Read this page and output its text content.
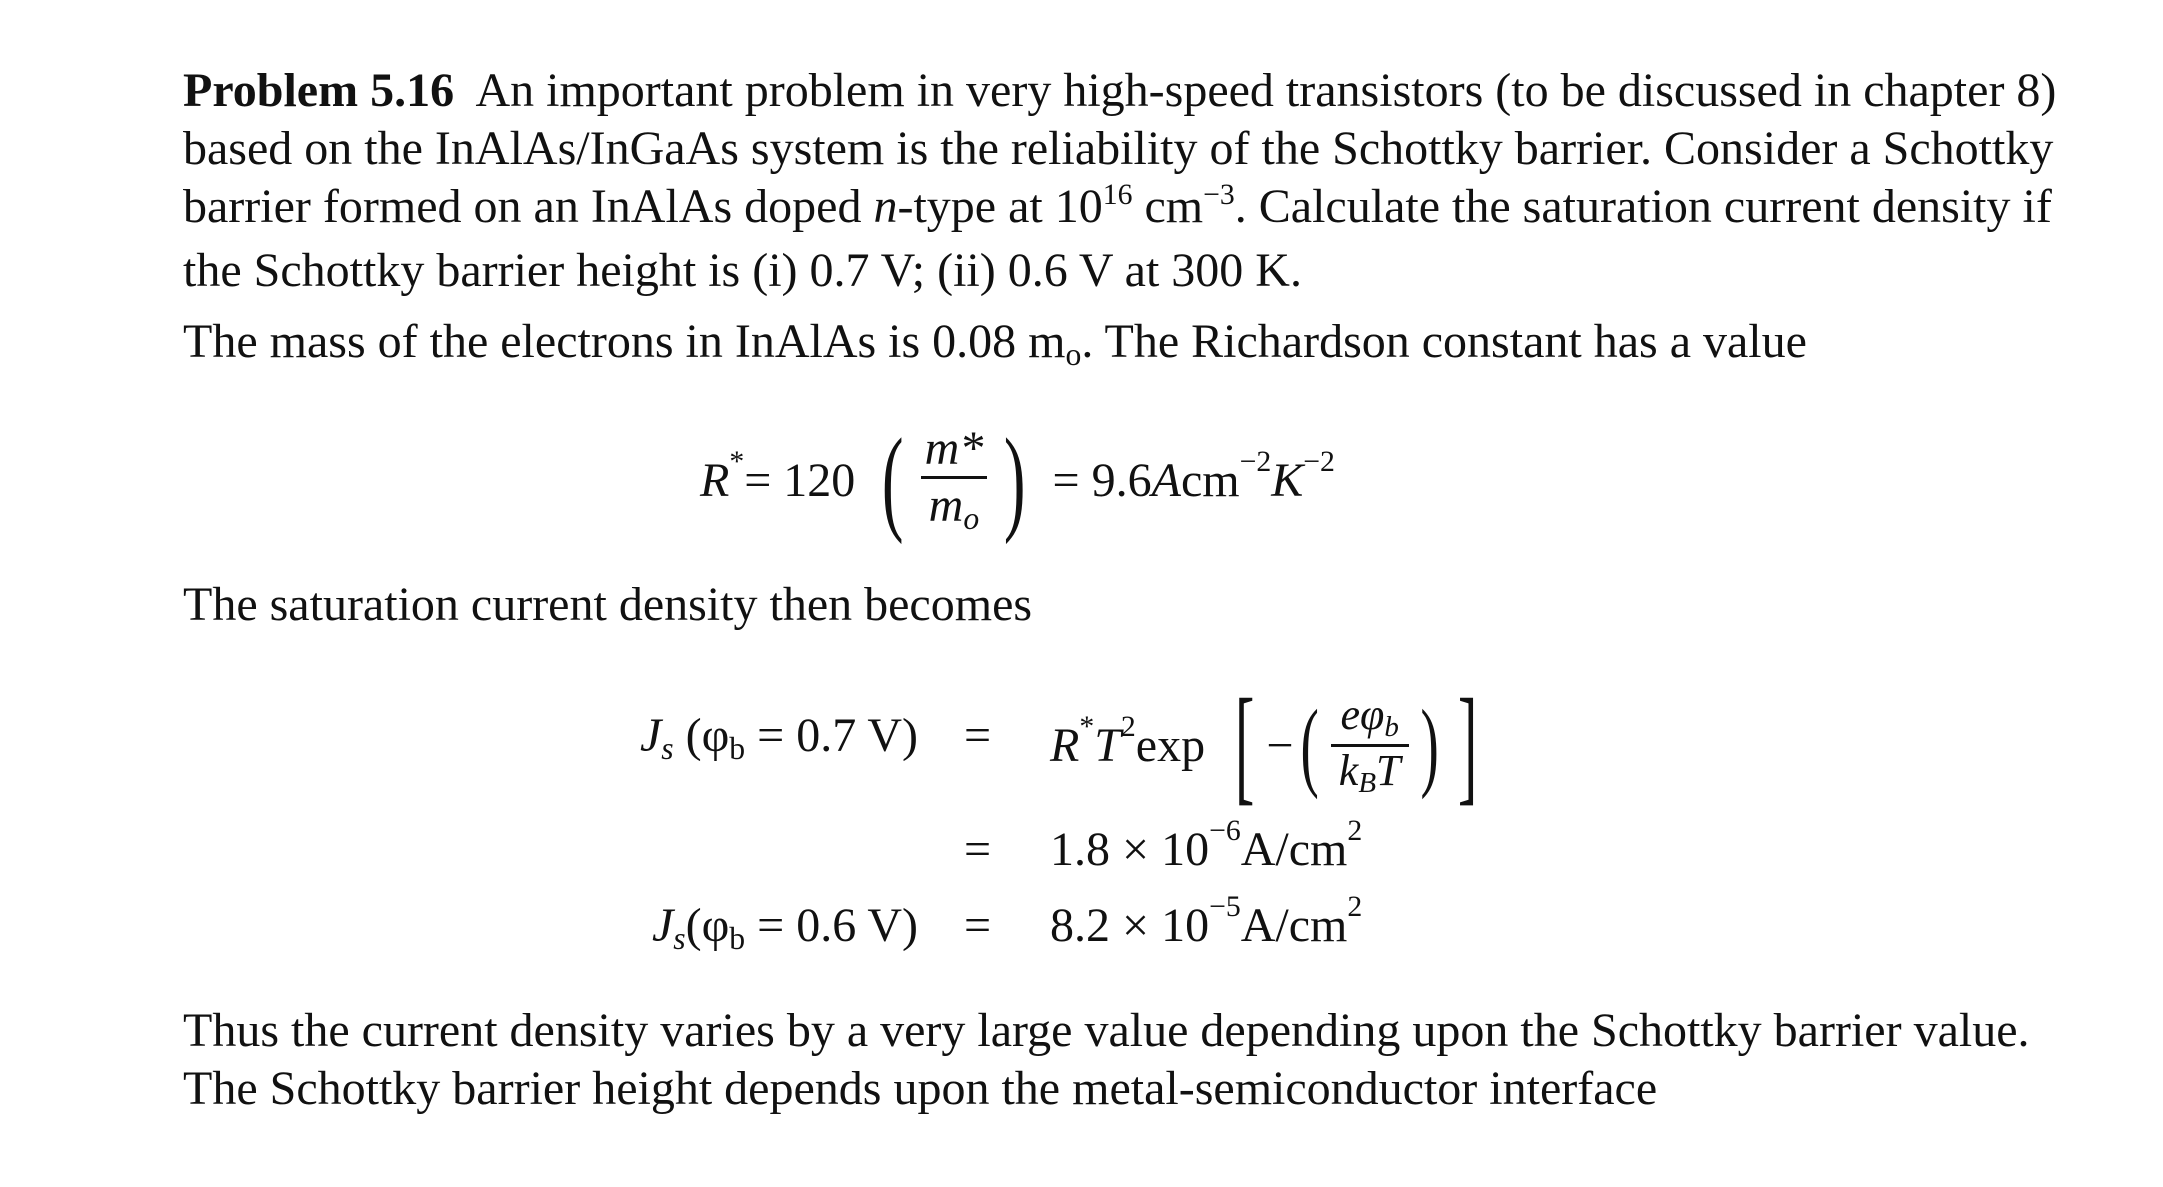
Problem 5.16 An important problem in very high-speed transistors (to be discussed in chapter 8) based on the InAlAs/InGaAs system is the reliability of the Schottky barrier. Consider a Schottky barrier formed on an InAlAs doped n-type at $10^{16}$ $cm^{-3}$. Calculate the saturation current density if the Schottky barrier height is (i) 0.7 V; (ii) 0.6 V at 300 K.

The mass of the electrons in InAlAs is 0.08 $m_o$. The Richardson constant has a value

R* = 120 ( $\frac{m*}{m_o}$ ) = 9.6 A $cm^{-2}$ $K^{-2}$

The saturation current density then becomes

$J_s$ ($\varphi_b = 0.7$ V) = R* $T^2$ exp [ − ( $\frac{e\varphi_b}{k_BT}$ ) ]
= $1.8 \times 10^{-6}$ $A/cm^2$
$J_s(\varphi_b = 0.6$ $V) = 8.2 \times 10^{-5}$ $A/cm^2$

Thus the current density varies by a very large value depending upon the Schottky barrier value. The Schottky barrier height depends upon the metal-semiconductor interface
